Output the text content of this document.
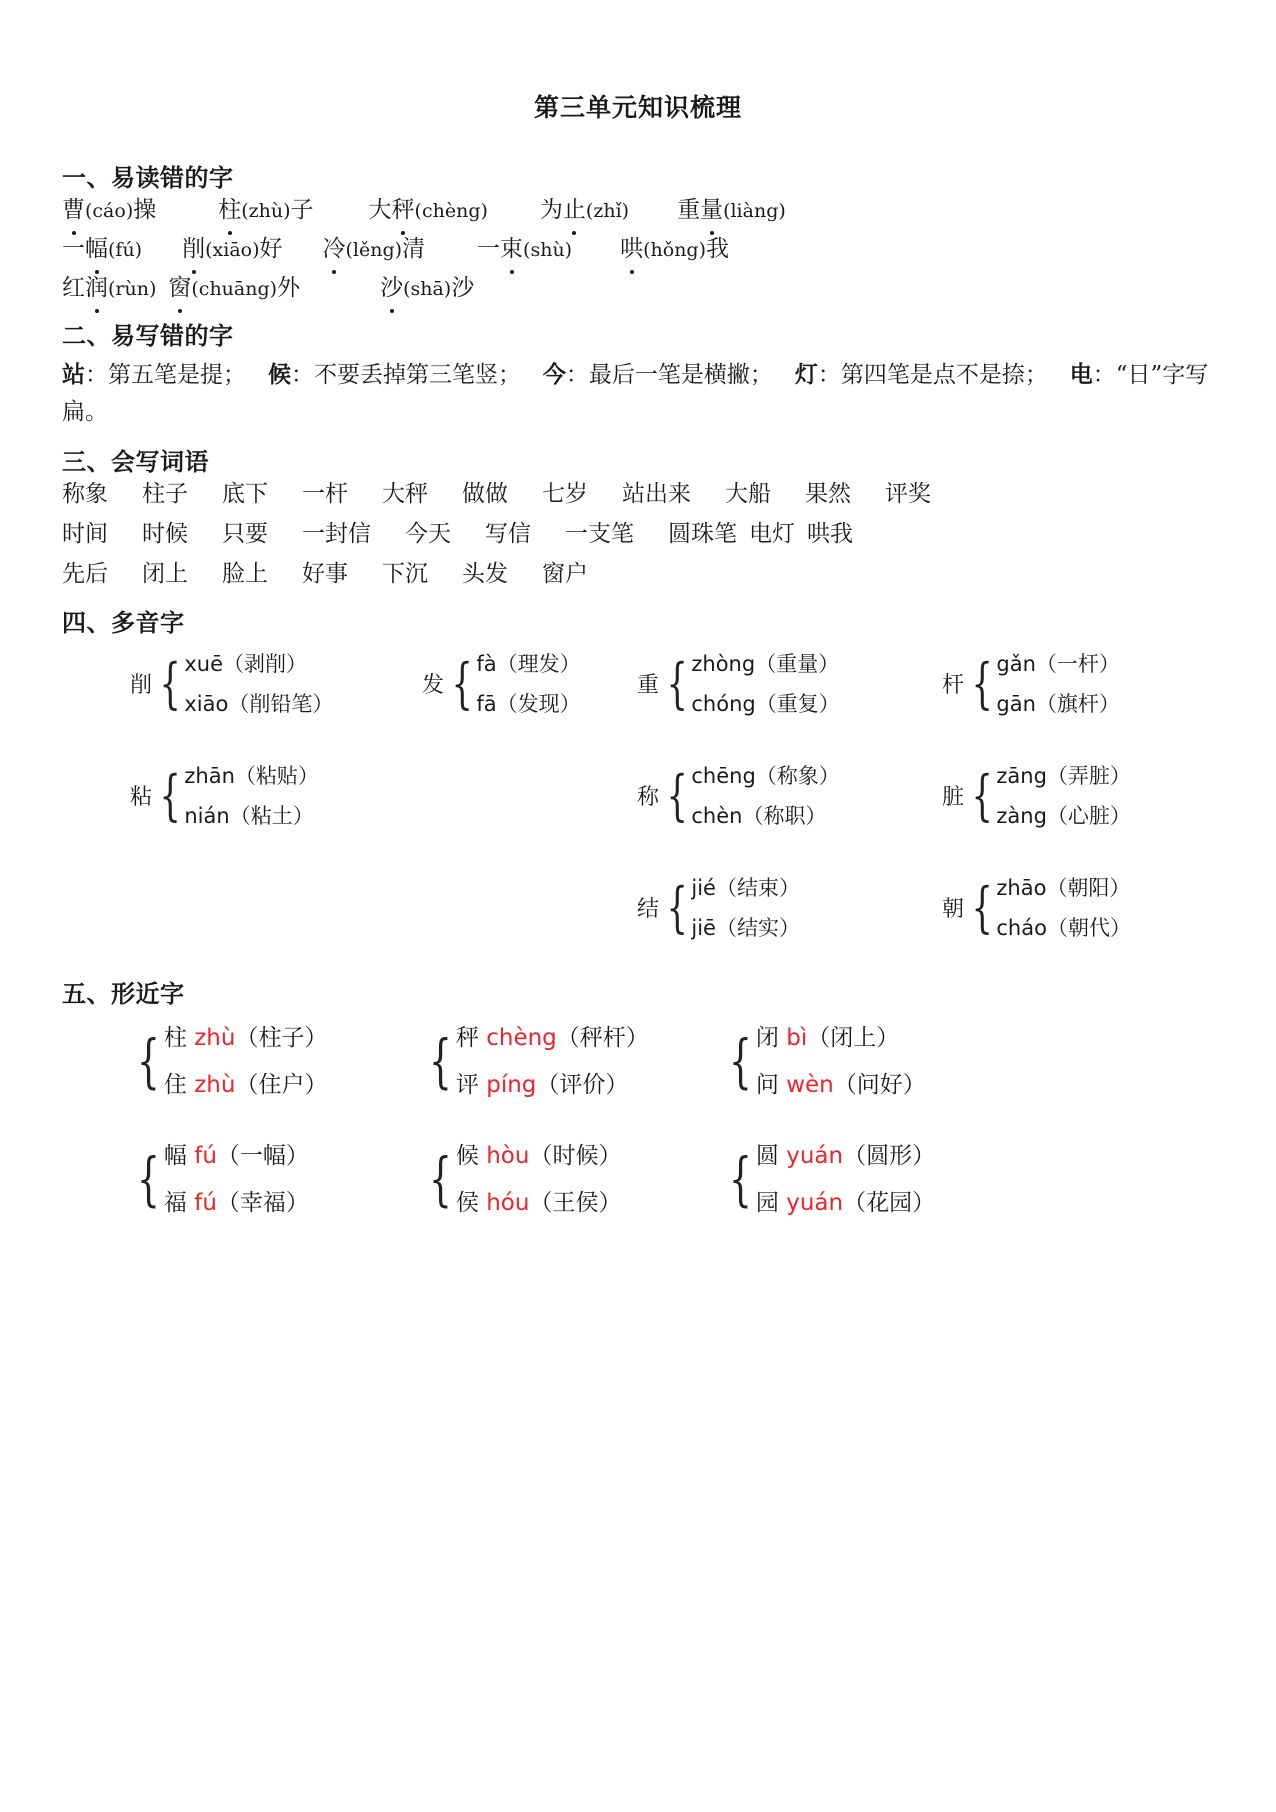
第三单元知识梳理
一、易读错的字
曹(cáo)操	柱(zhù)子 大秤(chèng) 为止(zhǐ) 重量(liàng)
一幅(fú) 削(xiāo)好 冷(lěng)清 一束(shù) 哄(hǒng)我
红润(rùn) 窗(chuāng)外	沙(shā)沙
二、易写错的字
站：第五笔是提； 候：不要丢掉第三笔竖； 今：最后一笔是横撇； 灯：第四笔是点不是捺； 电：“日”字写扁。
三、会写词语
称象 柱子 底下 一杆 大秤 做做 七岁 站出来 大船 果然 评奖
时间 时候 只要 一封信 今天 写信 一支笔 圆珠笔 电灯 哄我
先后 闭上 脸上 好事 下沉 头发 窗户
四、多音字
削 { xuē（剥削）
xiāo（削铅笔）
发 { fà（理发）
fā（发现）
重 { zhòng（重量）
chóng（重复）
杆 { gǎn（一杆）
gān（旗杆）
粘 { zhān（粘贴）
nián（粘土）
称 { chēng（称象）
chèn（称职）
脏 { zāng（弄脏）
zàng（心脏）
结 { jié（结束）
jiē（结实）
朝 { zhāo（朝阳）
cháo（朝代）
五、形近字
{ 柱 zhù（柱子）
住 zhù（住户） { 秤 chèng（秤杆）
评 píng（评价）	{ 闭 bì（闭上）
问 wèn（问好）
{ 幅 fú（一幅）
福 fú（幸福） { 候 hòu（时候）
侯 hóu（王侯） { 圆 yuán（圆形）
园 yuán（花园）
